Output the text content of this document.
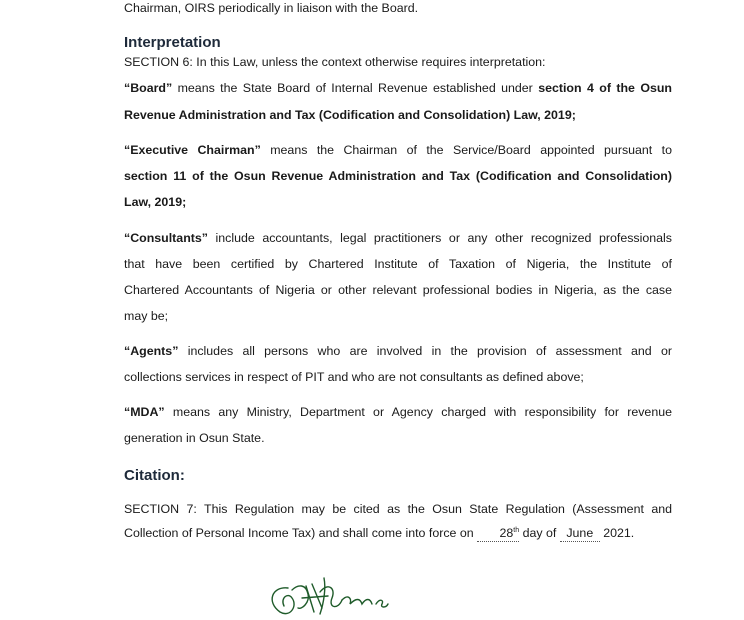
Chairman, OIRS periodically in liaison with the Board.
Interpretation
SECTION 6: In this Law, unless the context otherwise requires interpretation:
“Board” means the State Board of Internal Revenue established under section 4 of the Osun
Revenue Administration and Tax (Codification and Consolidation) Law, 2019;
“Executive Chairman” means the Chairman of the Service/Board appointed pursuant to
section 11 of the Osun Revenue Administration and Tax (Codification and Consolidation)
Law, 2019;
“Consultants” include accountants, legal practitioners or any other recognized professionals
that have been certified by Chartered Institute of Taxation of Nigeria, the Institute of
Chartered Accountants of Nigeria or other relevant professional bodies in Nigeria, as the case
may be;
“Agents” includes all persons who are involved in the provision of assessment and or
collections services in respect of PIT and who are not consultants as defined above;
“MDA” means any Ministry, Department or Agency charged with responsibility for revenue
generation in Osun State.
Citation:
SECTION 7: This Regulation may be cited as the Osun State Regulation (Assessment and
Collection of Personal Income Tax) and shall come into force on 28th day of June 2021.
